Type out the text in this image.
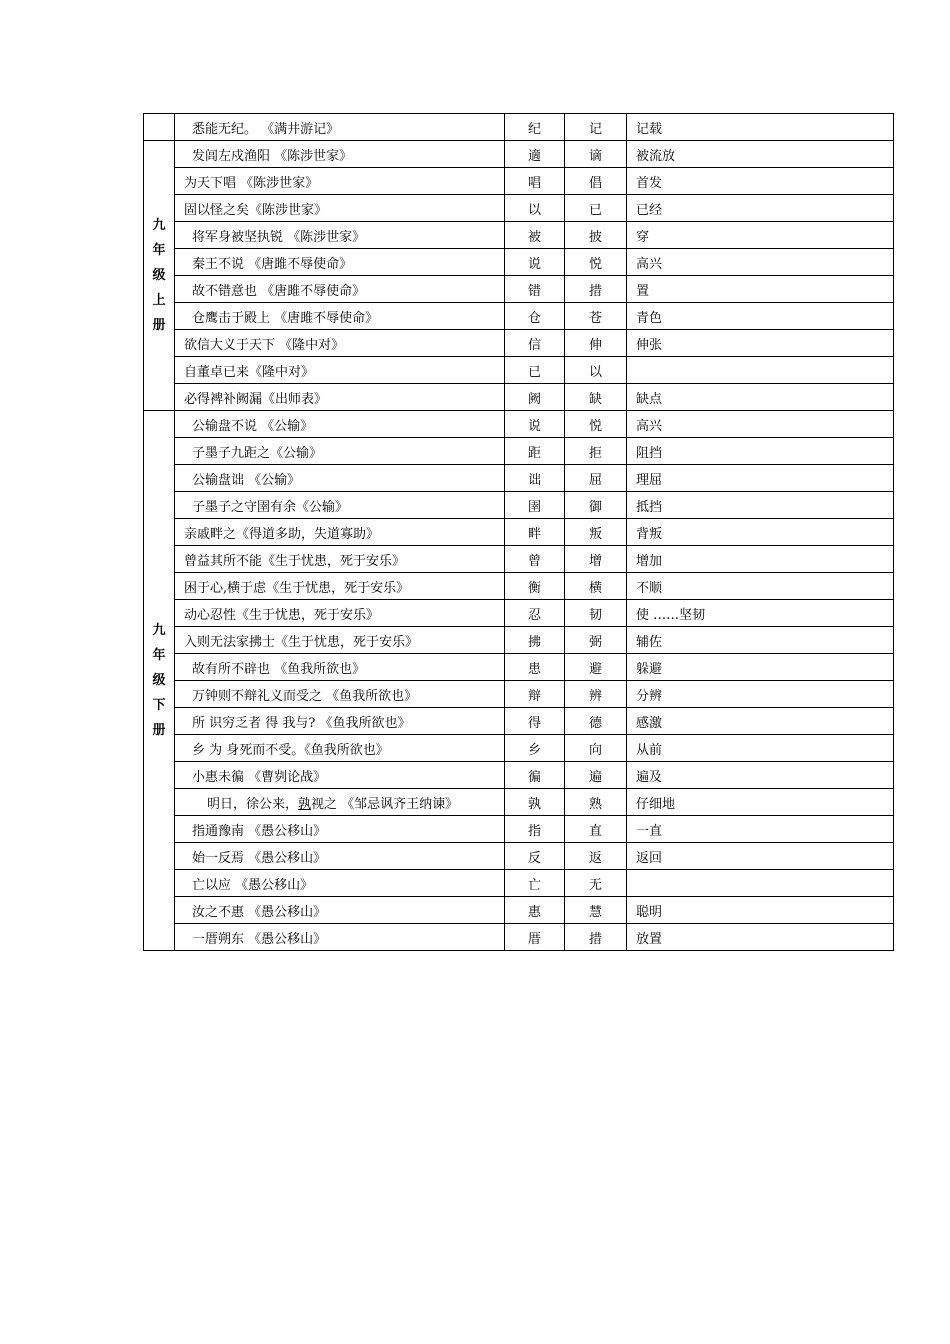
	悉能无纪。 《满井游记》	纪	记	记载
九年级上册	发闾左戍渔阳 《陈涉世家》	適	谪	被流放
	为天下唱 《陈涉世家》	唱	倡	首发
	固以怪之矣《陈涉世家》	以	已	已经
	将军身被坚执锐 《陈涉世家》	被	披	穿
	秦王不说 《唐雎不辱使命》	说	悦	高兴
	故不错意也 《唐雎不辱使命》	错	措	置
	仓鹰击于殿上 《唐雎不辱使命》	仓	苍	青色
	欲信大义于天下 《隆中对》	信	伸	伸张
	自董卓已来《隆中对》	已	以	
	必得裨补阙漏《出师表》	阙	缺	缺点
九年级下册	公输盘不说 《公输》	说	悦	高兴
	子墨子九距之《公输》	距	拒	阻挡
	公输盘诎 《公输》	诎	屈	理屈
	子墨子之守圉有余《公输》	圉	御	抵挡
	亲戚畔之《得道多助，失道寡助》	畔	叛	背叛
	曾益其所不能《生于忧患，死于安乐》	曾	增	增加
	困于心,横于虑《生于忧患，死于安乐》	衡	横	不顺
	动心忍性《生于忧患，死于安乐》	忍	韧	使 ……坚韧
	入则无法家拂士《生于忧患，死于安乐》	拂	弼	辅佐
	故有所不辟也 《鱼我所欲也》	患	避	躲避
	万钟则不辩礼义而受之 《鱼我所欲也》	辩	辨	分辨
	所 识穷乏者 得 我与? 《鱼我所欲也》	得	德	感激
	乡 为 身死而不受。《鱼我所欲也》	乡	向	从前
	小惠未徧 《曹刿论战》	徧	遍	遍及
	明日，徐公来，孰视之 《邹忌讽齐王纳谏》	孰	熟	仔细地
	指通豫南 《愚公移山》	指	直	一直
	始一反焉 《愚公移山》	反	返	返回
	亡以应 《愚公移山》	亡	无	
	汝之不惠 《愚公移山》	惠	慧	聪明
	一厝朔东 《愚公移山》	厝	措	放置
